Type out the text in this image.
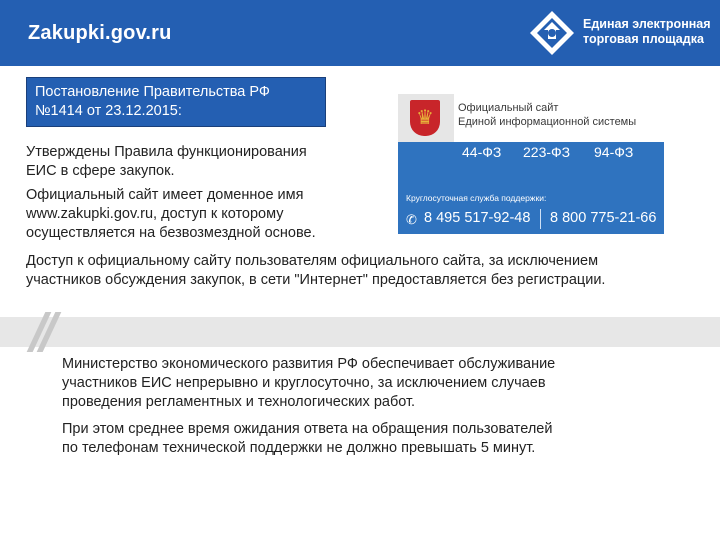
Zakupki.gov.ru	Единая электронная
торговая площадка
Постановление Правительства РФ
№1414 от 23.12.2015:
Утверждены Правила функционирования
ЕИС в сфере закупок.
Официальный сайт имеет доменное имя
www.zakupki.gov.ru, доступ к которому
осуществляется на безвозмездной основе.
♛ Официальный сайт
Единой информационной системы
44-ФЗ 223-ФЗ 94-ФЗ
Круглосуточная служба поддержки:
✆ 8 495 517-92-48 8 800 775-21-66
Доступ к официальному сайту пользователям официального сайта, за исключением
участников обсуждения закупок, в сети "Интернет" предоставляется без регистрации.
Министерство экономического развития РФ обеспечивает обслуживание
участников ЕИС непрерывно и круглосуточно, за исключением случаев
проведения регламентных и технологических работ.
При этом среднее время ожидания ответа на обращения пользователей
по телефонам технической поддержки не должно превышать 5 минут.
